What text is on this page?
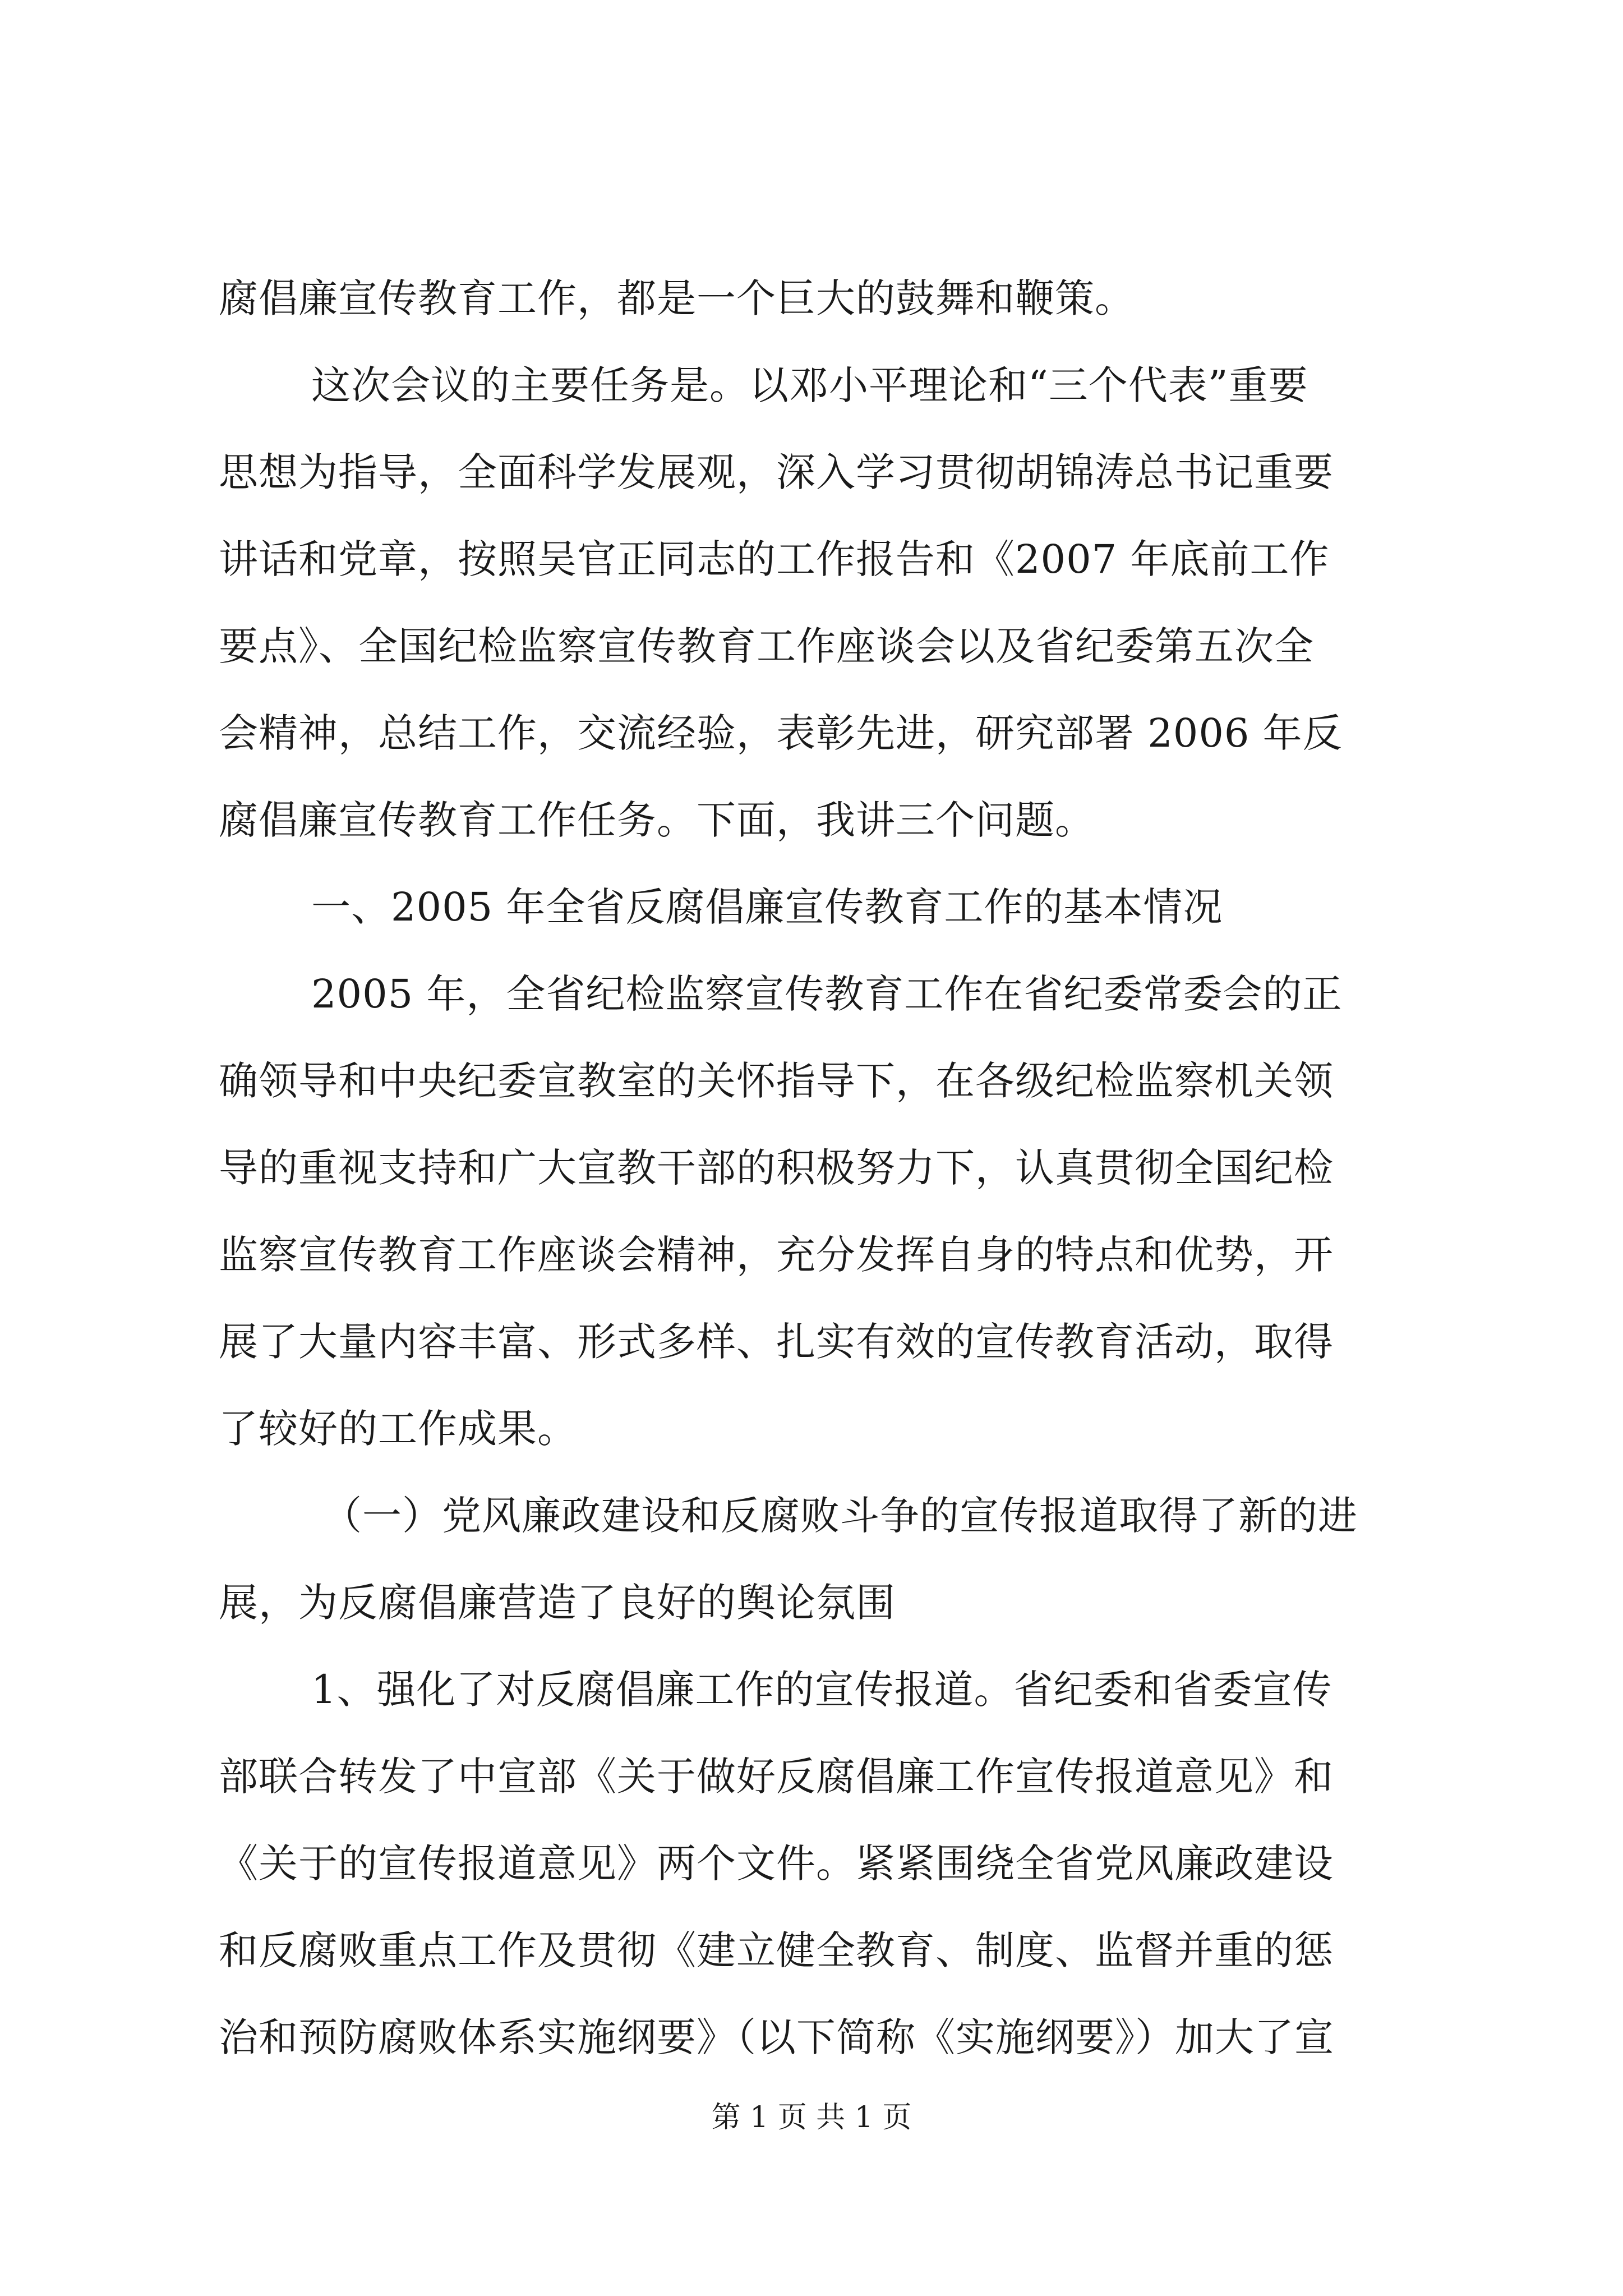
腐倡廉宣传教育工作，都是一个巨大的鼓舞和鞭策。
这次会议的主要任务是。以邓小平理论和“三个代表”重要
思想为指导，全面科学发展观，深入学习贯彻胡锦涛总书记重要
讲话和党章，按照吴官正同志的工作报告和《2007 年底前工作
要点》、全国纪检监察宣传教育工作座谈会以及省纪委第五次全
会精神，总结工作，交流经验，表彰先进，研究部署 2006 年反
腐倡廉宣传教育工作任务。下面，我讲三个问题。
一、2005 年全省反腐倡廉宣传教育工作的基本情况
2005 年，全省纪检监察宣传教育工作在省纪委常委会的正
确领导和中央纪委宣教室的关怀指导下，在各级纪检监察机关领
导的重视支持和广大宣教干部的积极努力下，认真贯彻全国纪检
监察宣传教育工作座谈会精神，充分发挥自身的特点和优势，开
展了大量内容丰富、形式多样、扎实有效的宣传教育活动，取得
了较好的工作成果。
（一）党风廉政建设和反腐败斗争的宣传报道取得了新的进
展，为反腐倡廉营造了良好的舆论氛围
1、强化了对反腐倡廉工作的宣传报道。省纪委和省委宣传
部联合转发了中宣部《关于做好反腐倡廉工作宣传报道意见》和
《关于的宣传报道意见》两个文件。紧紧围绕全省党风廉政建设
和反腐败重点工作及贯彻《建立健全教育、制度、监督并重的惩
治和预防腐败体系实施纲要》（以下简称《实施纲要》）加大了宣
第 1 页 共 1 页
